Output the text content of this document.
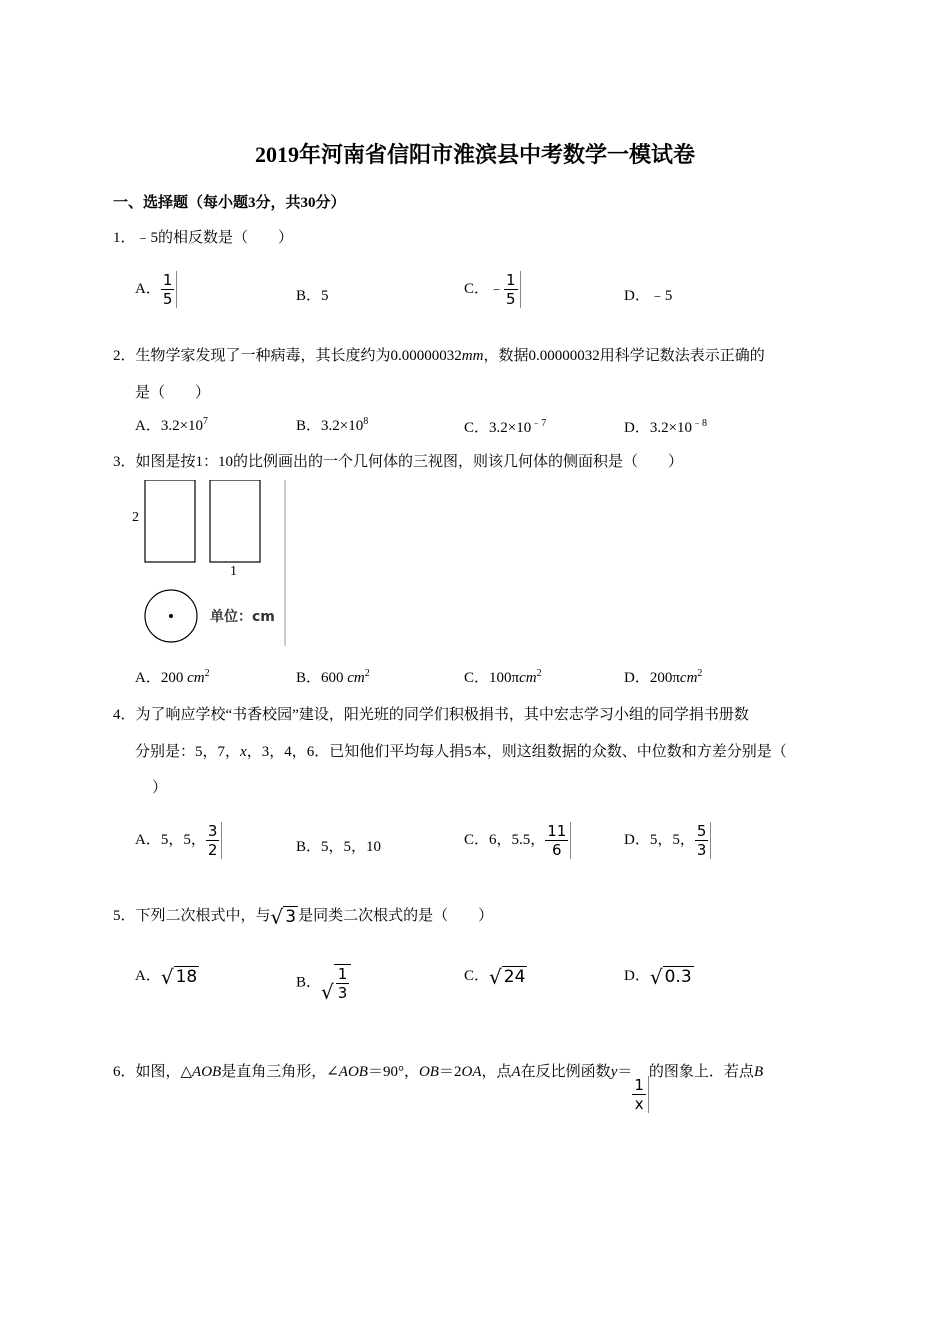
2019年河南省信阳市淮滨县中考数学一模试卷
一、选择题（每小题3分，共30分）
1．﹣5的相反数是（　　）
A． $\frac{1}{5}$	B．5	C．﹣ $\frac{1}{5}$	D．﹣5
2．生物学家发现了一种病毒，其长度约为0.00000032mm，数据0.00000032用科学记数法表示正确的
是（　　）
A．$3.2\times 10^7$	B．$3.2\times 10^8$	C．$3.2\times 10^{﹣7}$	D．$3.2\times 10^{﹣8}$
3．如图是按1：10的比例画出的一个几何体的三视图，则该几何体的侧面积是（　　）
2
1
单位：cm
A．200 $cm^2$	B．600 $cm^2$	C．100πcm$^2$	D．200πcm$^2$
4．为了响应学校“书香校园”建设，阳光班的同学们积极捐书，其中宏志学习小组的同学捐书册数
分别是：5，7，x，3，4，6．已知他们平均每人捐5本，则这组数据的众数、中位数和方差分别是（
）
A．5，5， $\frac{3}{2}$	B．5，5，10	C．6，5.5， $\frac{11}{6}$	D．5，5， $\frac{5}{3}$
5．下列二次根式中，与 √ 3 是同类二次根式的是（　　）
A． √ 18	B． √ $\frac{1}{3}$	C． √ 24	D． √ 0.3
6．如图，△AOB是直角三角形，∠AOB＝90°，OB＝2OA，点A在反比例函数y＝
$\frac{1}{x}$
的图象上．若点B
